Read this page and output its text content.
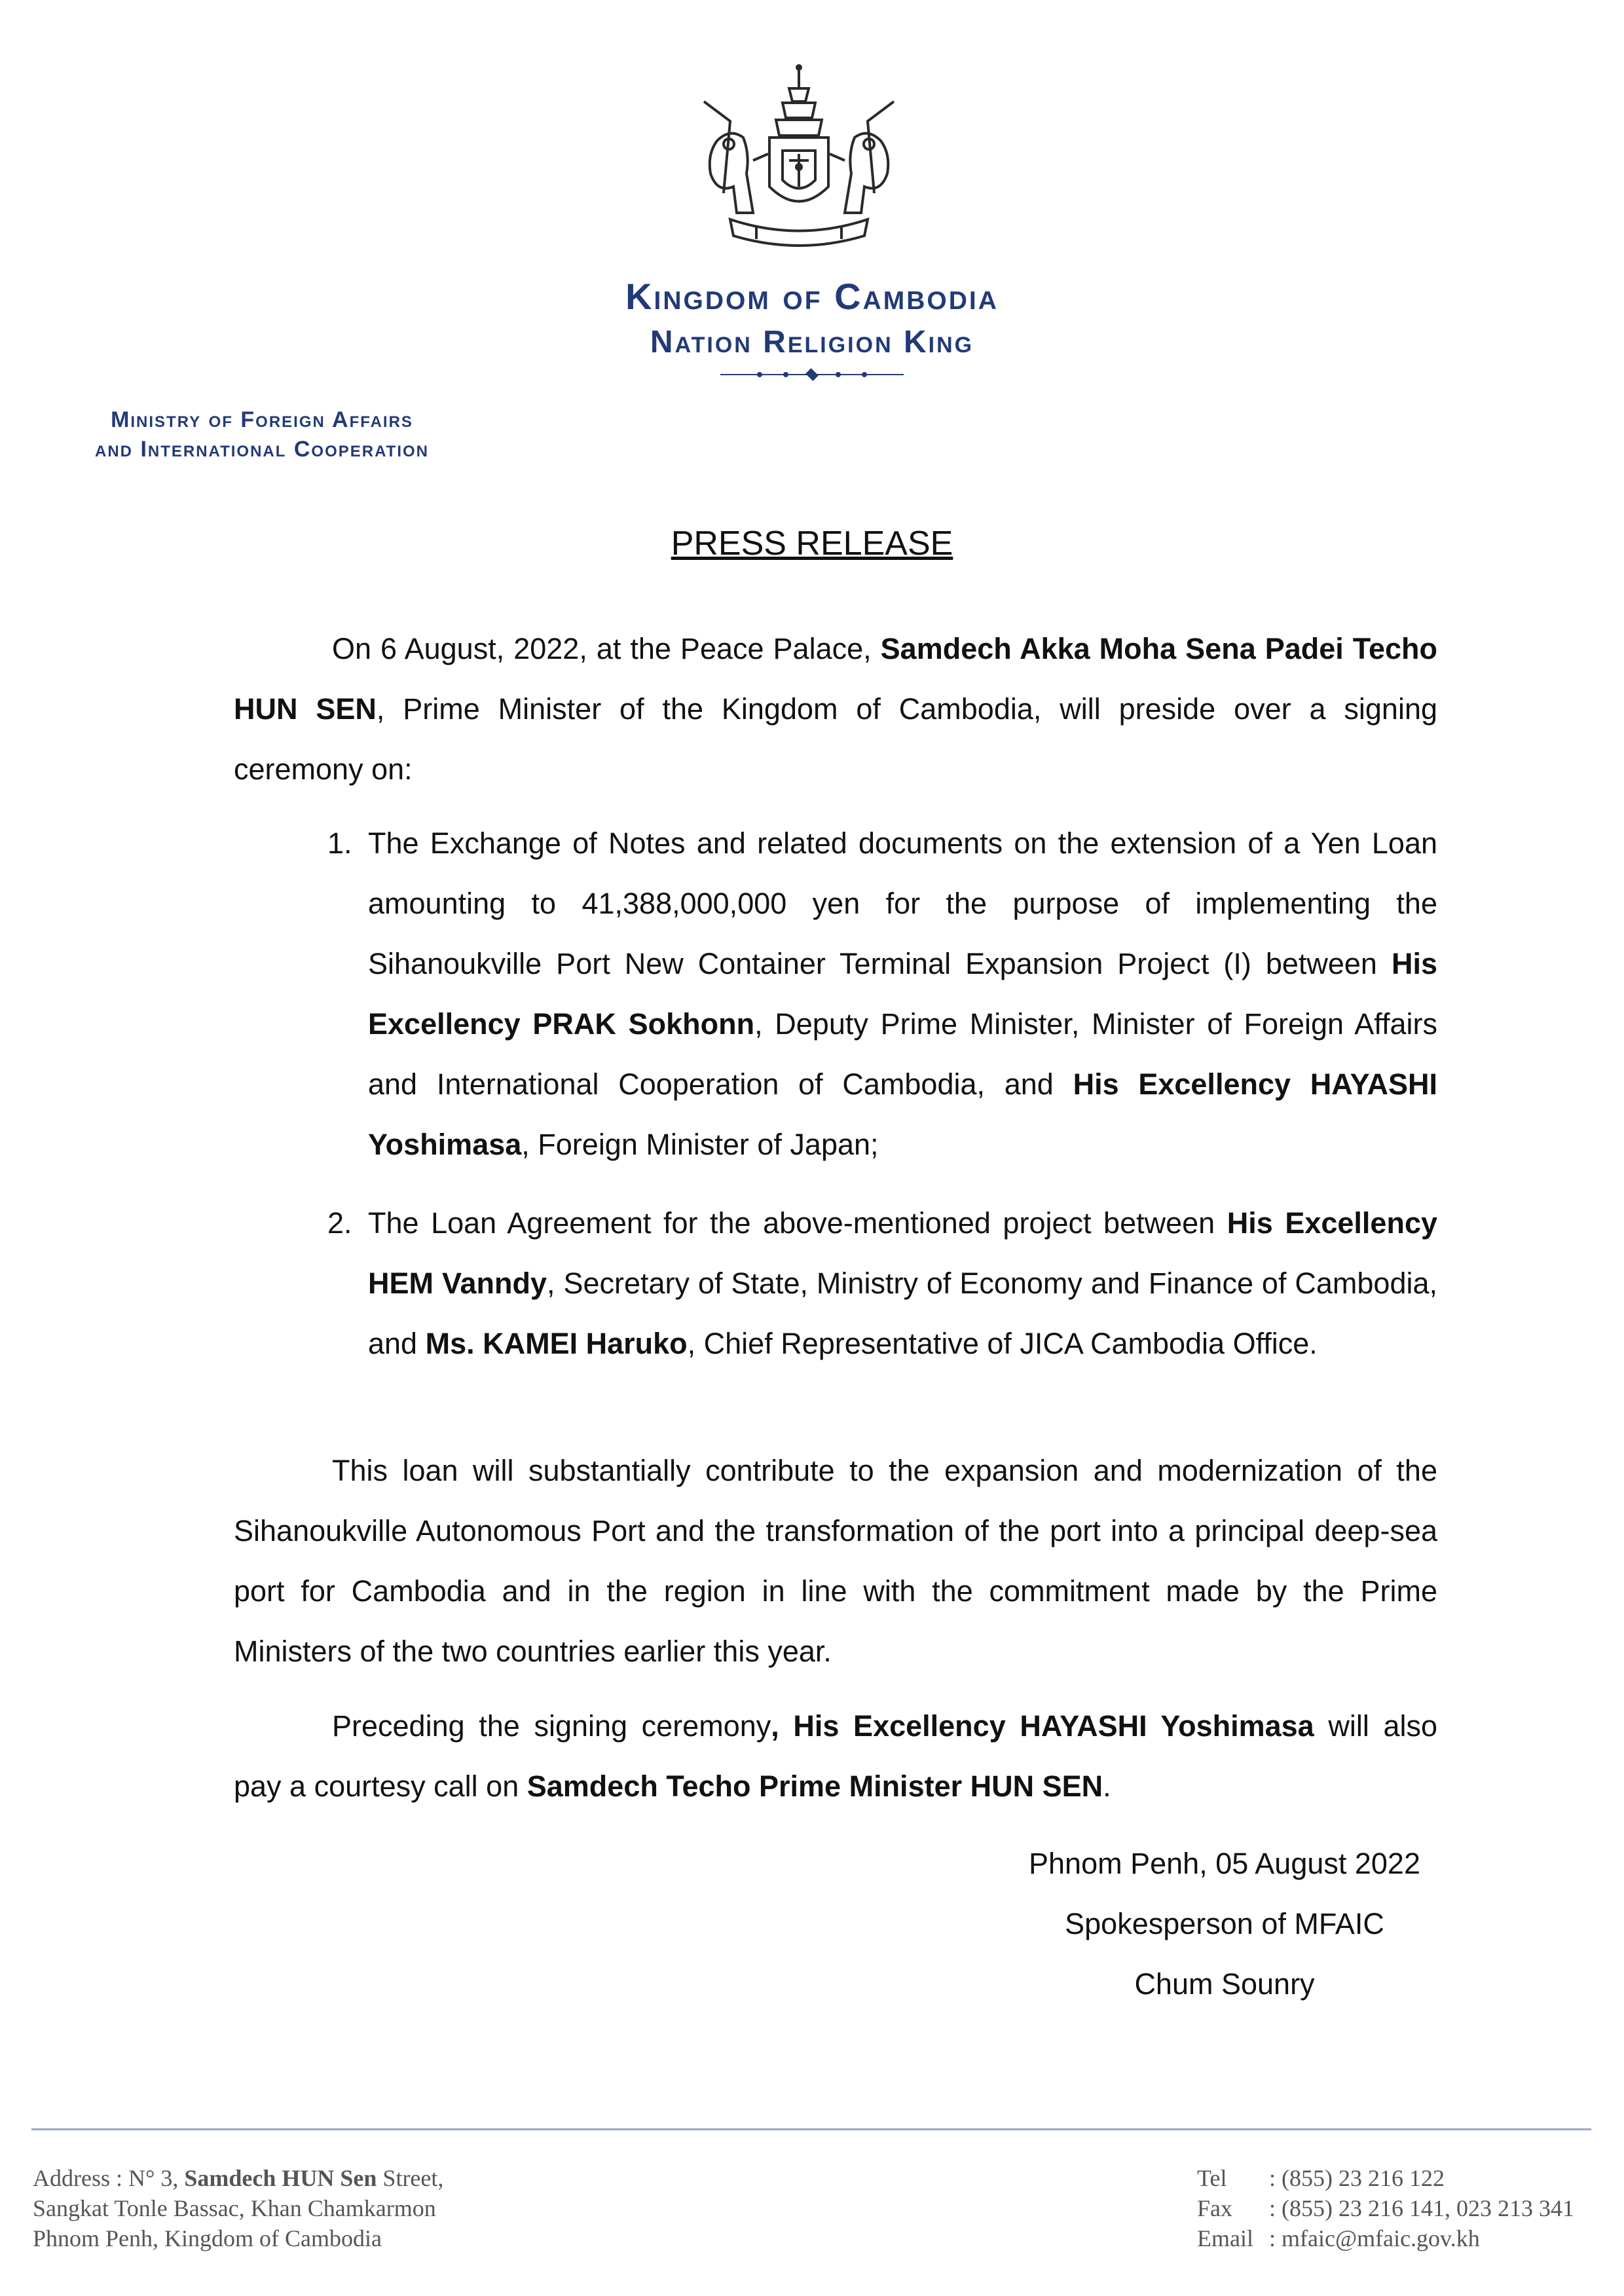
Kingdom of Cambodia
Nation Religion King
Ministry of Foreign Affairs
and International Cooperation
PRESS RELEASE
On 6 August, 2022, at the Peace Palace, Samdech Akka Moha Sena Padei Techo HUN SEN, Prime Minister of the Kingdom of Cambodia, will preside over a signing ceremony on:
1. The Exchange of Notes and related documents on the extension of a Yen Loan amounting to 41,388,000,000 yen for the purpose of implementing the Sihanoukville Port New Container Terminal Expansion Project (I) between His Excellency PRAK Sokhonn, Deputy Prime Minister, Minister of Foreign Affairs and International Cooperation of Cambodia, and His Excellency HAYASHI Yoshimasa, Foreign Minister of Japan;
2. The Loan Agreement for the above-mentioned project between His Excellency HEM Vanndy, Secretary of State, Ministry of Economy and Finance of Cambodia, and Ms. KAMEI Haruko, Chief Representative of JICA Cambodia Office.
This loan will substantially contribute to the expansion and modernization of the Sihanoukville Autonomous Port and the transformation of the port into a principal deep-sea port for Cambodia and in the region in line with the commitment made by the Prime Ministers of the two countries earlier this year.
Preceding the signing ceremony, His Excellency HAYASHI Yoshimasa will also pay a courtesy call on Samdech Techo Prime Minister HUN SEN.
Phnom Penh, 05 August 2022
Spokesperson of MFAIC
Chum Sounry
Address : N° 3, Samdech HUN Sen Street,
Sangkat Tonle Bassac, Khan Chamkarmon
Phnom Penh, Kingdom of Cambodia
Tel : (855) 23 216 122
Fax : (855) 23 216 141, 023 213 341
Email : mfaic@mfaic.gov.kh
